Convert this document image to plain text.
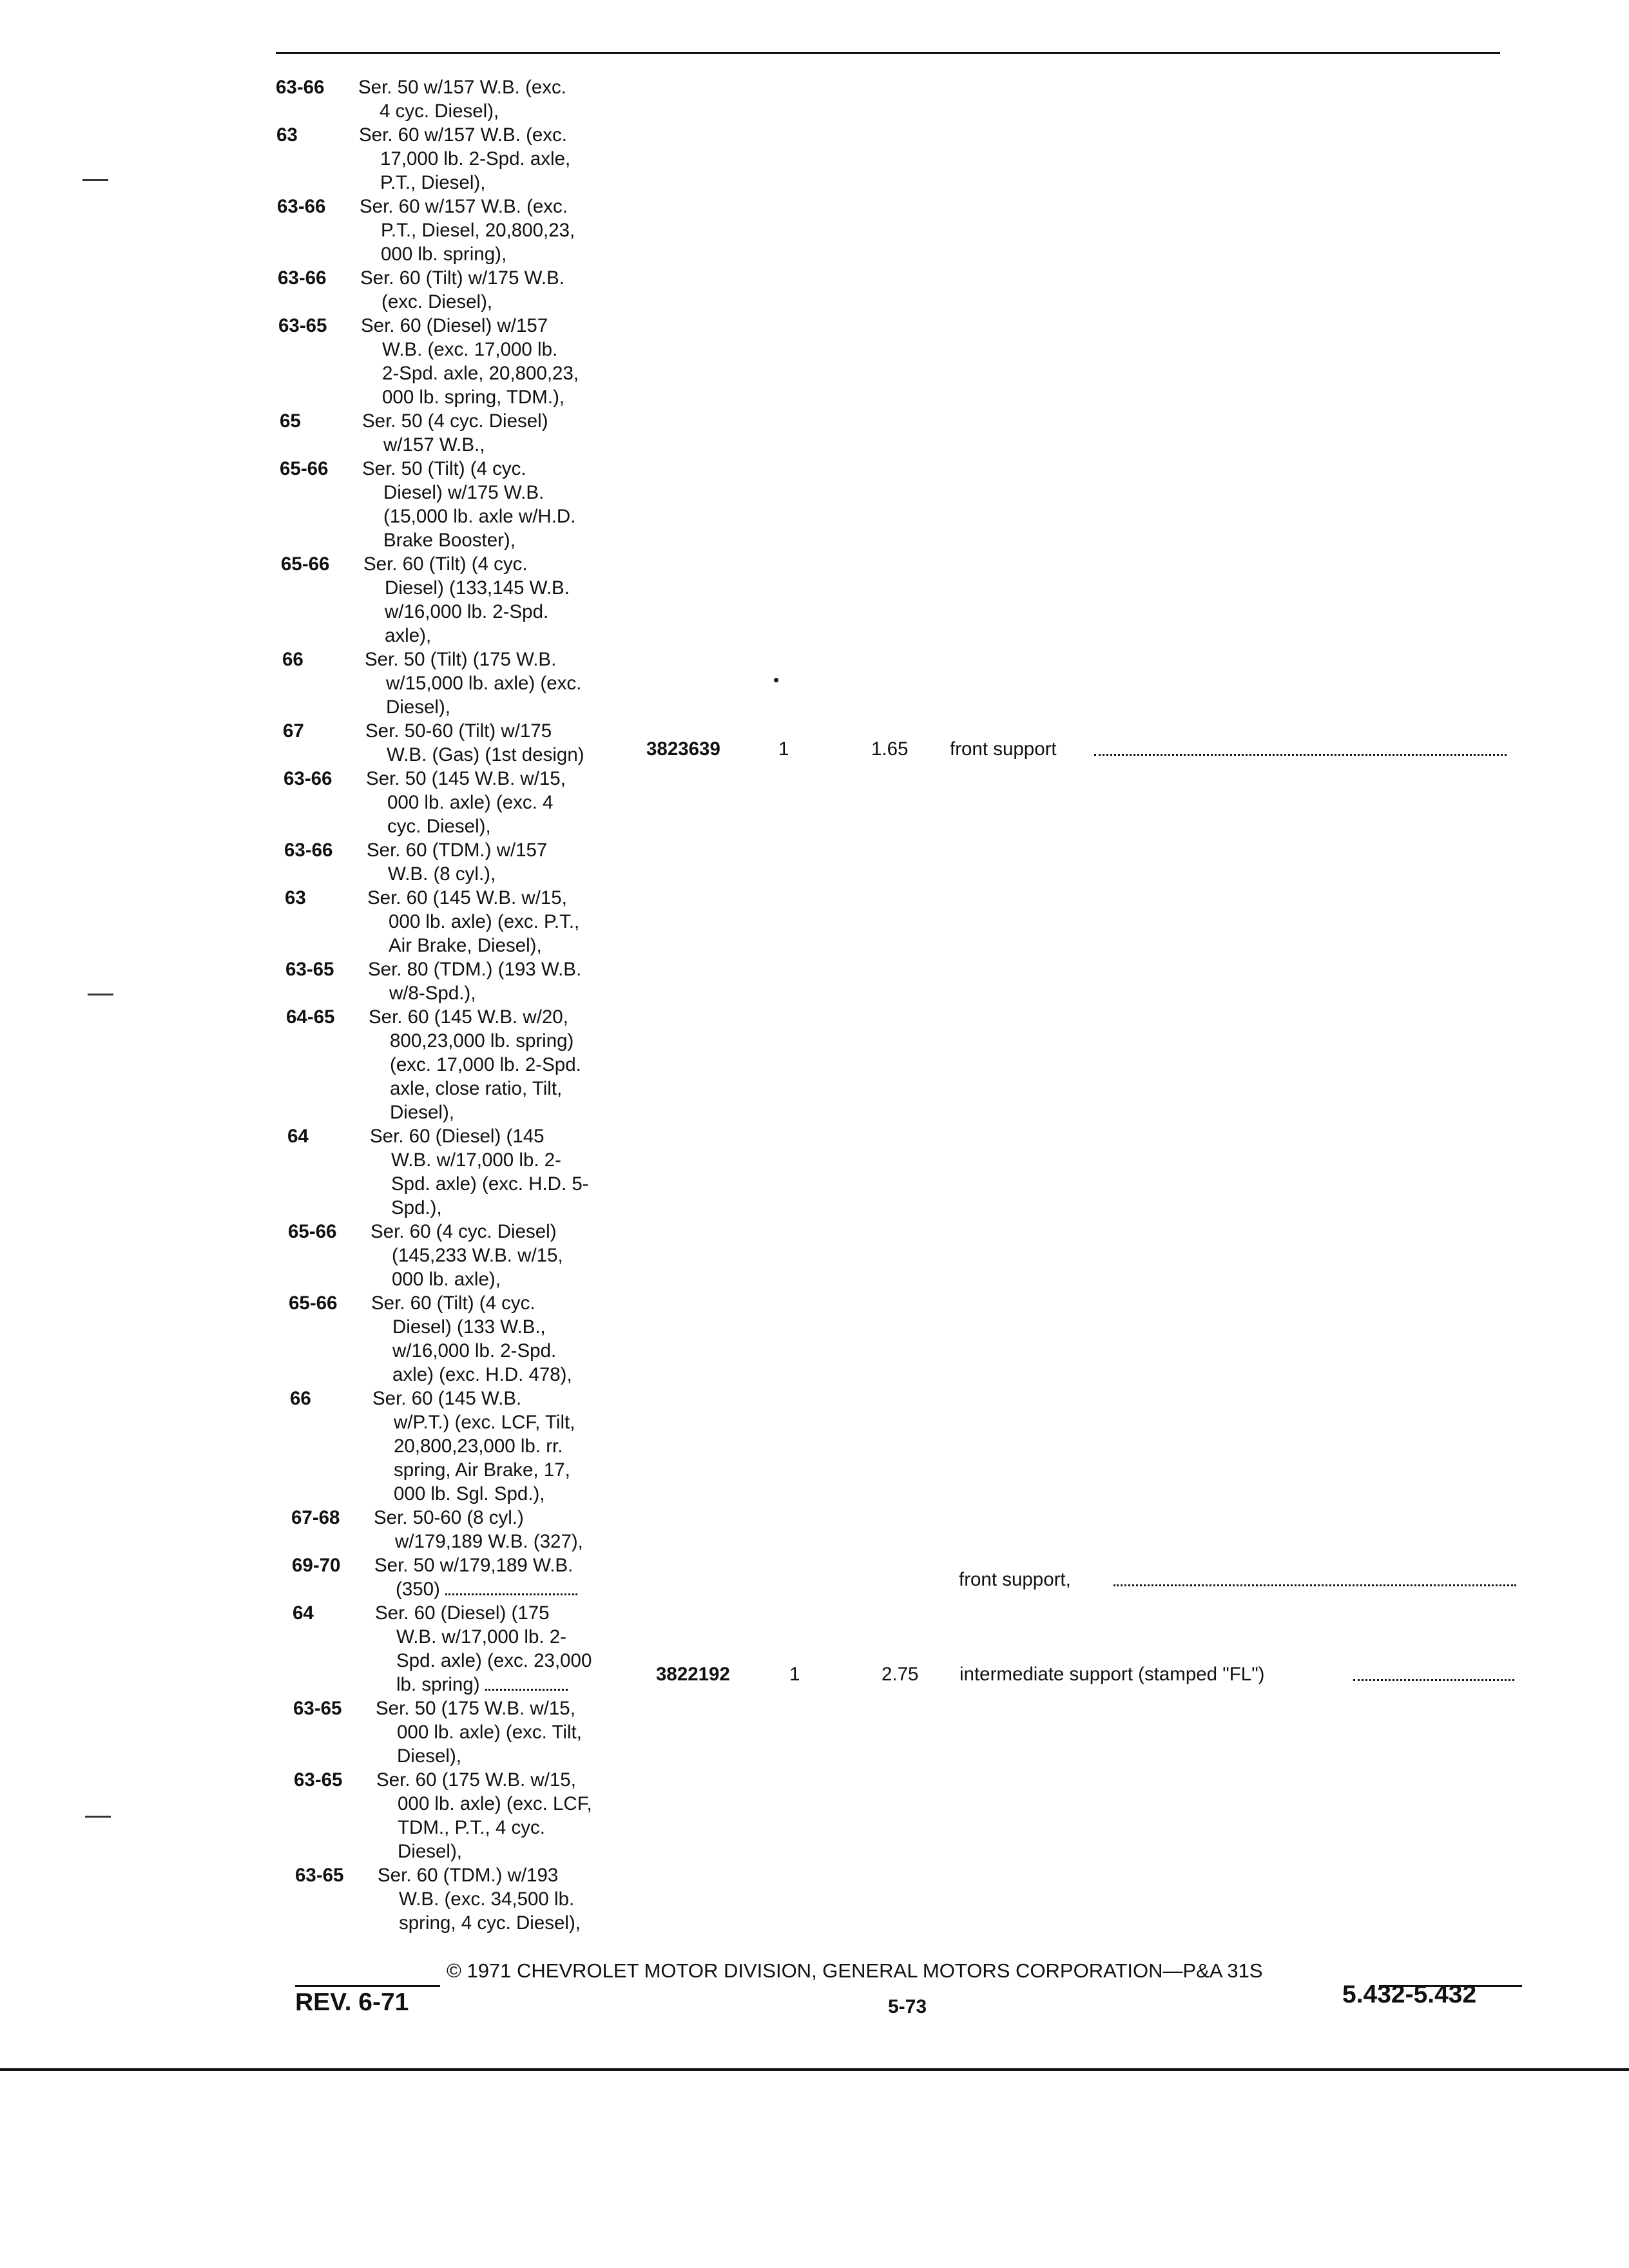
63-66	Ser. 50 w/157 W.B. (exc.
4 cyc. Diesel),
63	Ser. 60 w/157 W.B. (exc.
17,000 lb. 2-Spd. axle,
P.T., Diesel),
63-66	Ser. 60 w/157 W.B. (exc.
P.T., Diesel, 20,800,23,
000 lb. spring),
63-66	Ser. 60 (Tilt) w/175 W.B.
(exc. Diesel),
63-65	Ser. 60 (Diesel) w/157
W.B. (exc. 17,000 lb.
2-Spd. axle, 20,800,23,
000 lb. spring, TDM.),
65	Ser. 50 (4 cyc. Diesel)
w/157 W.B.,
65-66	Ser. 50 (Tilt) (4 cyc.
Diesel) w/175 W.B.
(15,000 lb. axle w/H.D.
Brake Booster),
65-66	Ser. 60 (Tilt) (4 cyc.
Diesel) (133,145 W.B.
w/16,000 lb. 2-Spd.
axle),
66	Ser. 50 (Tilt) (175 W.B.
w/15,000 lb. axle) (exc.
Diesel),
67	Ser. 50-60 (Tilt) w/175
W.B. (Gas) (1st design)
63-66	Ser. 50 (145 W.B. w/15,
000 lb. axle) (exc. 4
cyc. Diesel),
63-66	Ser. 60 (TDM.) w/157
W.B. (8 cyl.),
63	Ser. 60 (145 W.B. w/15,
000 lb. axle) (exc. P.T.,
Air Brake, Diesel),
63-65	Ser. 80 (TDM.) (193 W.B.
w/8-Spd.),
64-65	Ser. 60 (145 W.B. w/20,
800,23,000 lb. spring)
(exc. 17,000 lb. 2-Spd.
axle, close ratio, Tilt,
Diesel),
64	Ser. 60 (Diesel) (145
W.B. w/17,000 lb. 2-
Spd. axle) (exc. H.D. 5-
Spd.),
65-66	Ser. 60 (4 cyc. Diesel)
(145,233 W.B. w/15,
000 lb. axle),
65-66	Ser. 60 (Tilt) (4 cyc.
Diesel) (133 W.B.,
w/16,000 lb. 2-Spd.
axle) (exc. H.D. 478),
66	Ser. 60 (145 W.B.
w/P.T.) (exc. LCF, Tilt,
20,800,23,000 lb. rr.
spring, Air Brake, 17,
000 lb. Sgl. Spd.),
67-68	Ser. 50-60 (8 cyl.)
w/179,189 W.B. (327),
69-70	Ser. 50 w/179,189 W.B.
(350)
64	Ser. 60 (Diesel) (175
W.B. w/17,000 lb. 2-
Spd. axle) (exc. 23,000
lb. spring)
63-65	Ser. 50 (175 W.B. w/15,
000 lb. axle) (exc. Tilt,
Diesel),
63-65	Ser. 60 (175 W.B. w/15,
000 lb. axle) (exc. LCF,
TDM., P.T., 4 cyc.
Diesel),
63-65	Ser. 60 (TDM.) w/193
W.B. (exc. 34,500 lb.
spring, 4 cyc. Diesel),
3823639	1	1.65 front support
front support,
3822192	1	2.75 intermediate support (stamped "FL")
© 1971 CHEVROLET MOTOR DIVISION, GENERAL MOTORS CORPORATION—P&A 31S
REV. 6-71	5-73	5.432-5.432
